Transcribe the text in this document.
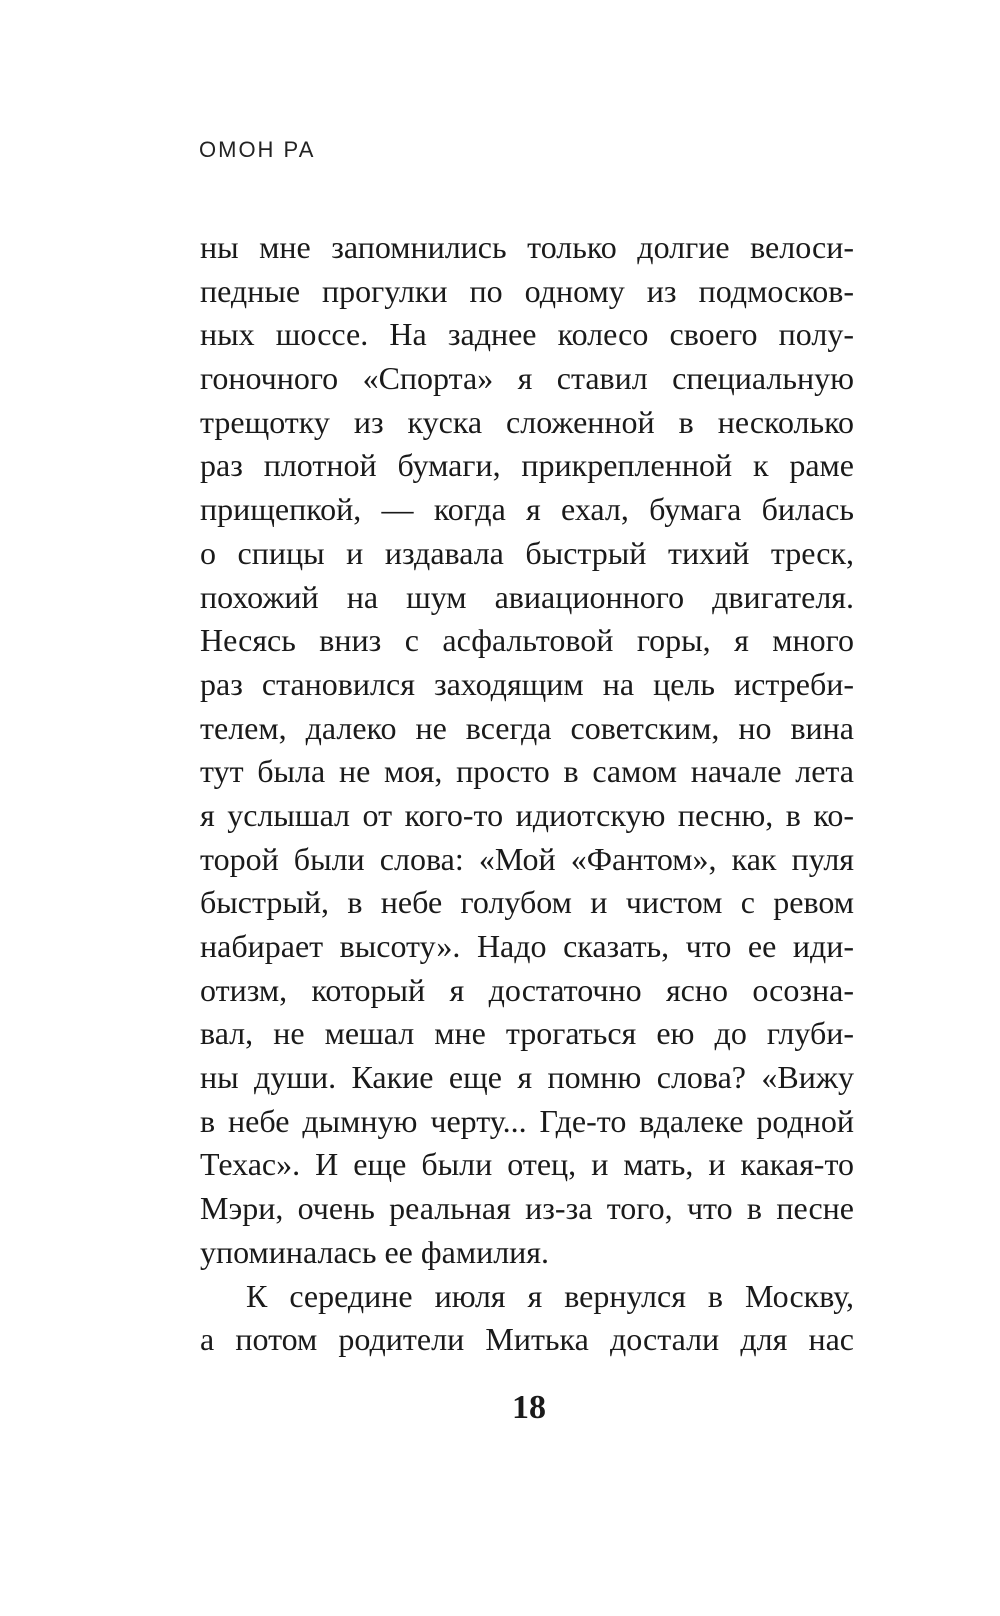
ОМОН РА
ны мне запомнились только долгие велоси-
педные прогулки по одному из подмосков-
ных шоссе. На заднее колесо своего полу-
гоночного «Спорта» я ставил специальную
трещотку из куска сложенной в несколько
раз плотной бумаги, прикрепленной к раме
прищепкой, — когда я ехал, бумага билась
о спицы и издавала быстрый тихий треск,
похожий на шум авиационного двигателя.
Несясь вниз с асфальтовой горы, я много
раз становился заходящим на цель истреби-
телем, далеко не всегда советским, но вина
тут была не моя, просто в самом начале лета
я услышал от кого-то идиотскую песню, в ко-
торой были слова: «Мой «Фантом», как пуля
быстрый, в небе голубом и чистом с ревом
набирает высоту». Надо сказать, что ее иди-
отизм, который я достаточно ясно осозна-
вал, не мешал мне трогаться ею до глуби-
ны души. Какие еще я помню слова? «Вижу
в небе дымную черту... Где-то вдалеке родной
Техас». И еще были отец, и мать, и какая-то
Мэри, очень реальная из-за того, что в песне
упоминалась ее фамилия.
К середине июля я вернулся в Москву,
а потом родители Митька достали для нас
18
